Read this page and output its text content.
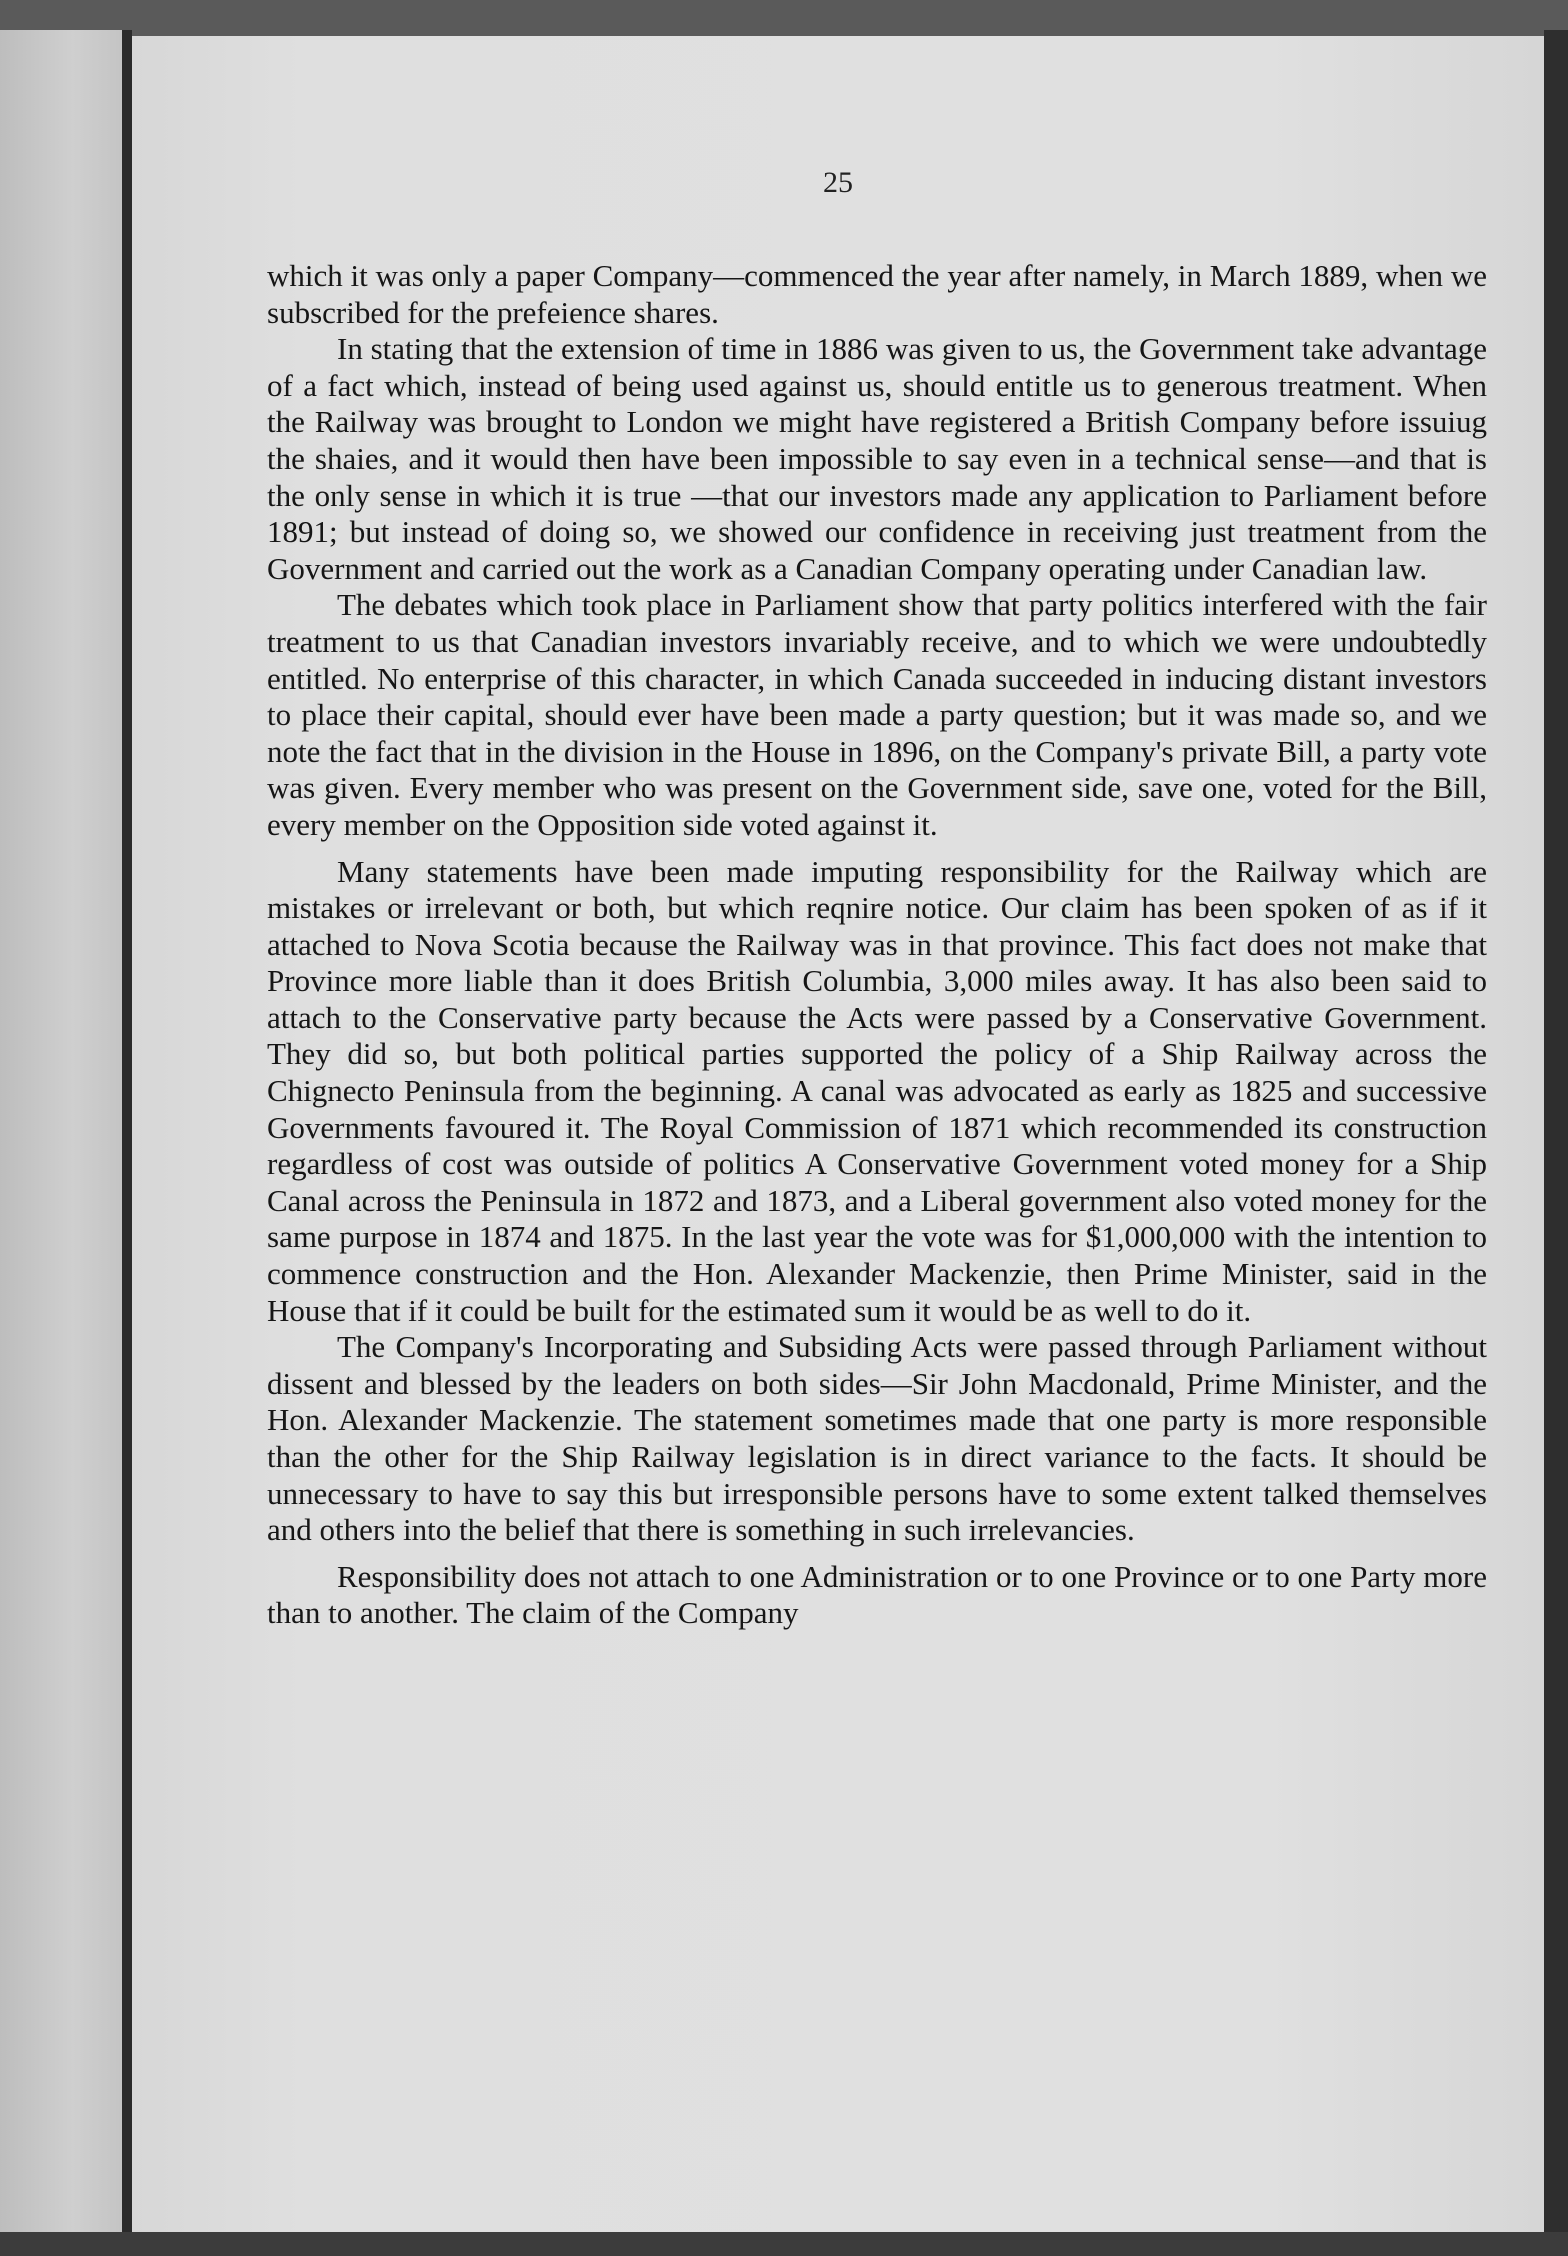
25

which it was only a paper Company—commenced the year after namely, in March 1889, when we subscribed for the prefeience shares.

In stating that the extension of time in 1886 was given to us, the Government take advantage of a fact which, instead of being used against us, should entitle us to generous treatment. When the Railway was brought to London we might have registered a British Company before issuiug the shaies, and it would then have been impossible to say even in a technical sense—and that is the only sense in which it is true —that our investors made any application to Parliament before 1891; but instead of doing so, we showed our confidence in receiving just treatment from the Government and carried out the work as a Canadian Company operating under Canadian law.

The debates which took place in Parliament show that party politics interfered with the fair treatment to us that Canadian investors invariably receive, and to which we were undoubtedly entitled. No enterprise of this character, in which Canada succeeded in inducing distant investors to place their capital, should ever have been made a party question; but it was made so, and we note the fact that in the division in the House in 1896, on the Company's private Bill, a party vote was given. Every member who was present on the Government side, save one, voted for the Bill, every member on the Opposition side voted against it.

Many statements have been made imputing responsibility for the Railway which are mistakes or irrelevant or both, but which reqnire notice. Our claim has been spoken of as if it attached to Nova Scotia because the Railway was in that province. This fact does not make that Province more liable than it does British Columbia, 3,000 miles away. It has also been said to attach to the Conservative party because the Acts were passed by a Conservative Government. They did so, but both political parties supported the policy of a Ship Railway across the Chignecto Peninsula from the beginning. A canal was advocated as early as 1825 and successive Governments favoured it. The Royal Commission of 1871 which recommended its construction regardless of cost was outside of politics A Conservative Government voted money for a Ship Canal across the Peninsula in 1872 and 1873, and a Liberal government also voted money for the same purpose in 1874 and 1875. In the last year the vote was for $1,000,000 with the intention to commence construction and the Hon. Alexander Mackenzie, then Prime Minister, said in the House that if it could be built for the estimated sum it would be as well to do it.

The Company's Incorporating and Subsiding Acts were passed through Parliament without dissent and blessed by the leaders on both sides—Sir John Macdonald, Prime Minister, and the Hon. Alexander Mackenzie. The statement sometimes made that one party is more responsible than the other for the Ship Railway legislation is in direct variance to the facts. It should be unnecessary to have to say this but irresponsible persons have to some extent talked themselves and others into the belief that there is something in such irrelevancies.

Responsibility does not attach to one Administration or to one Province or to one Party more than to another. The claim of the Company
